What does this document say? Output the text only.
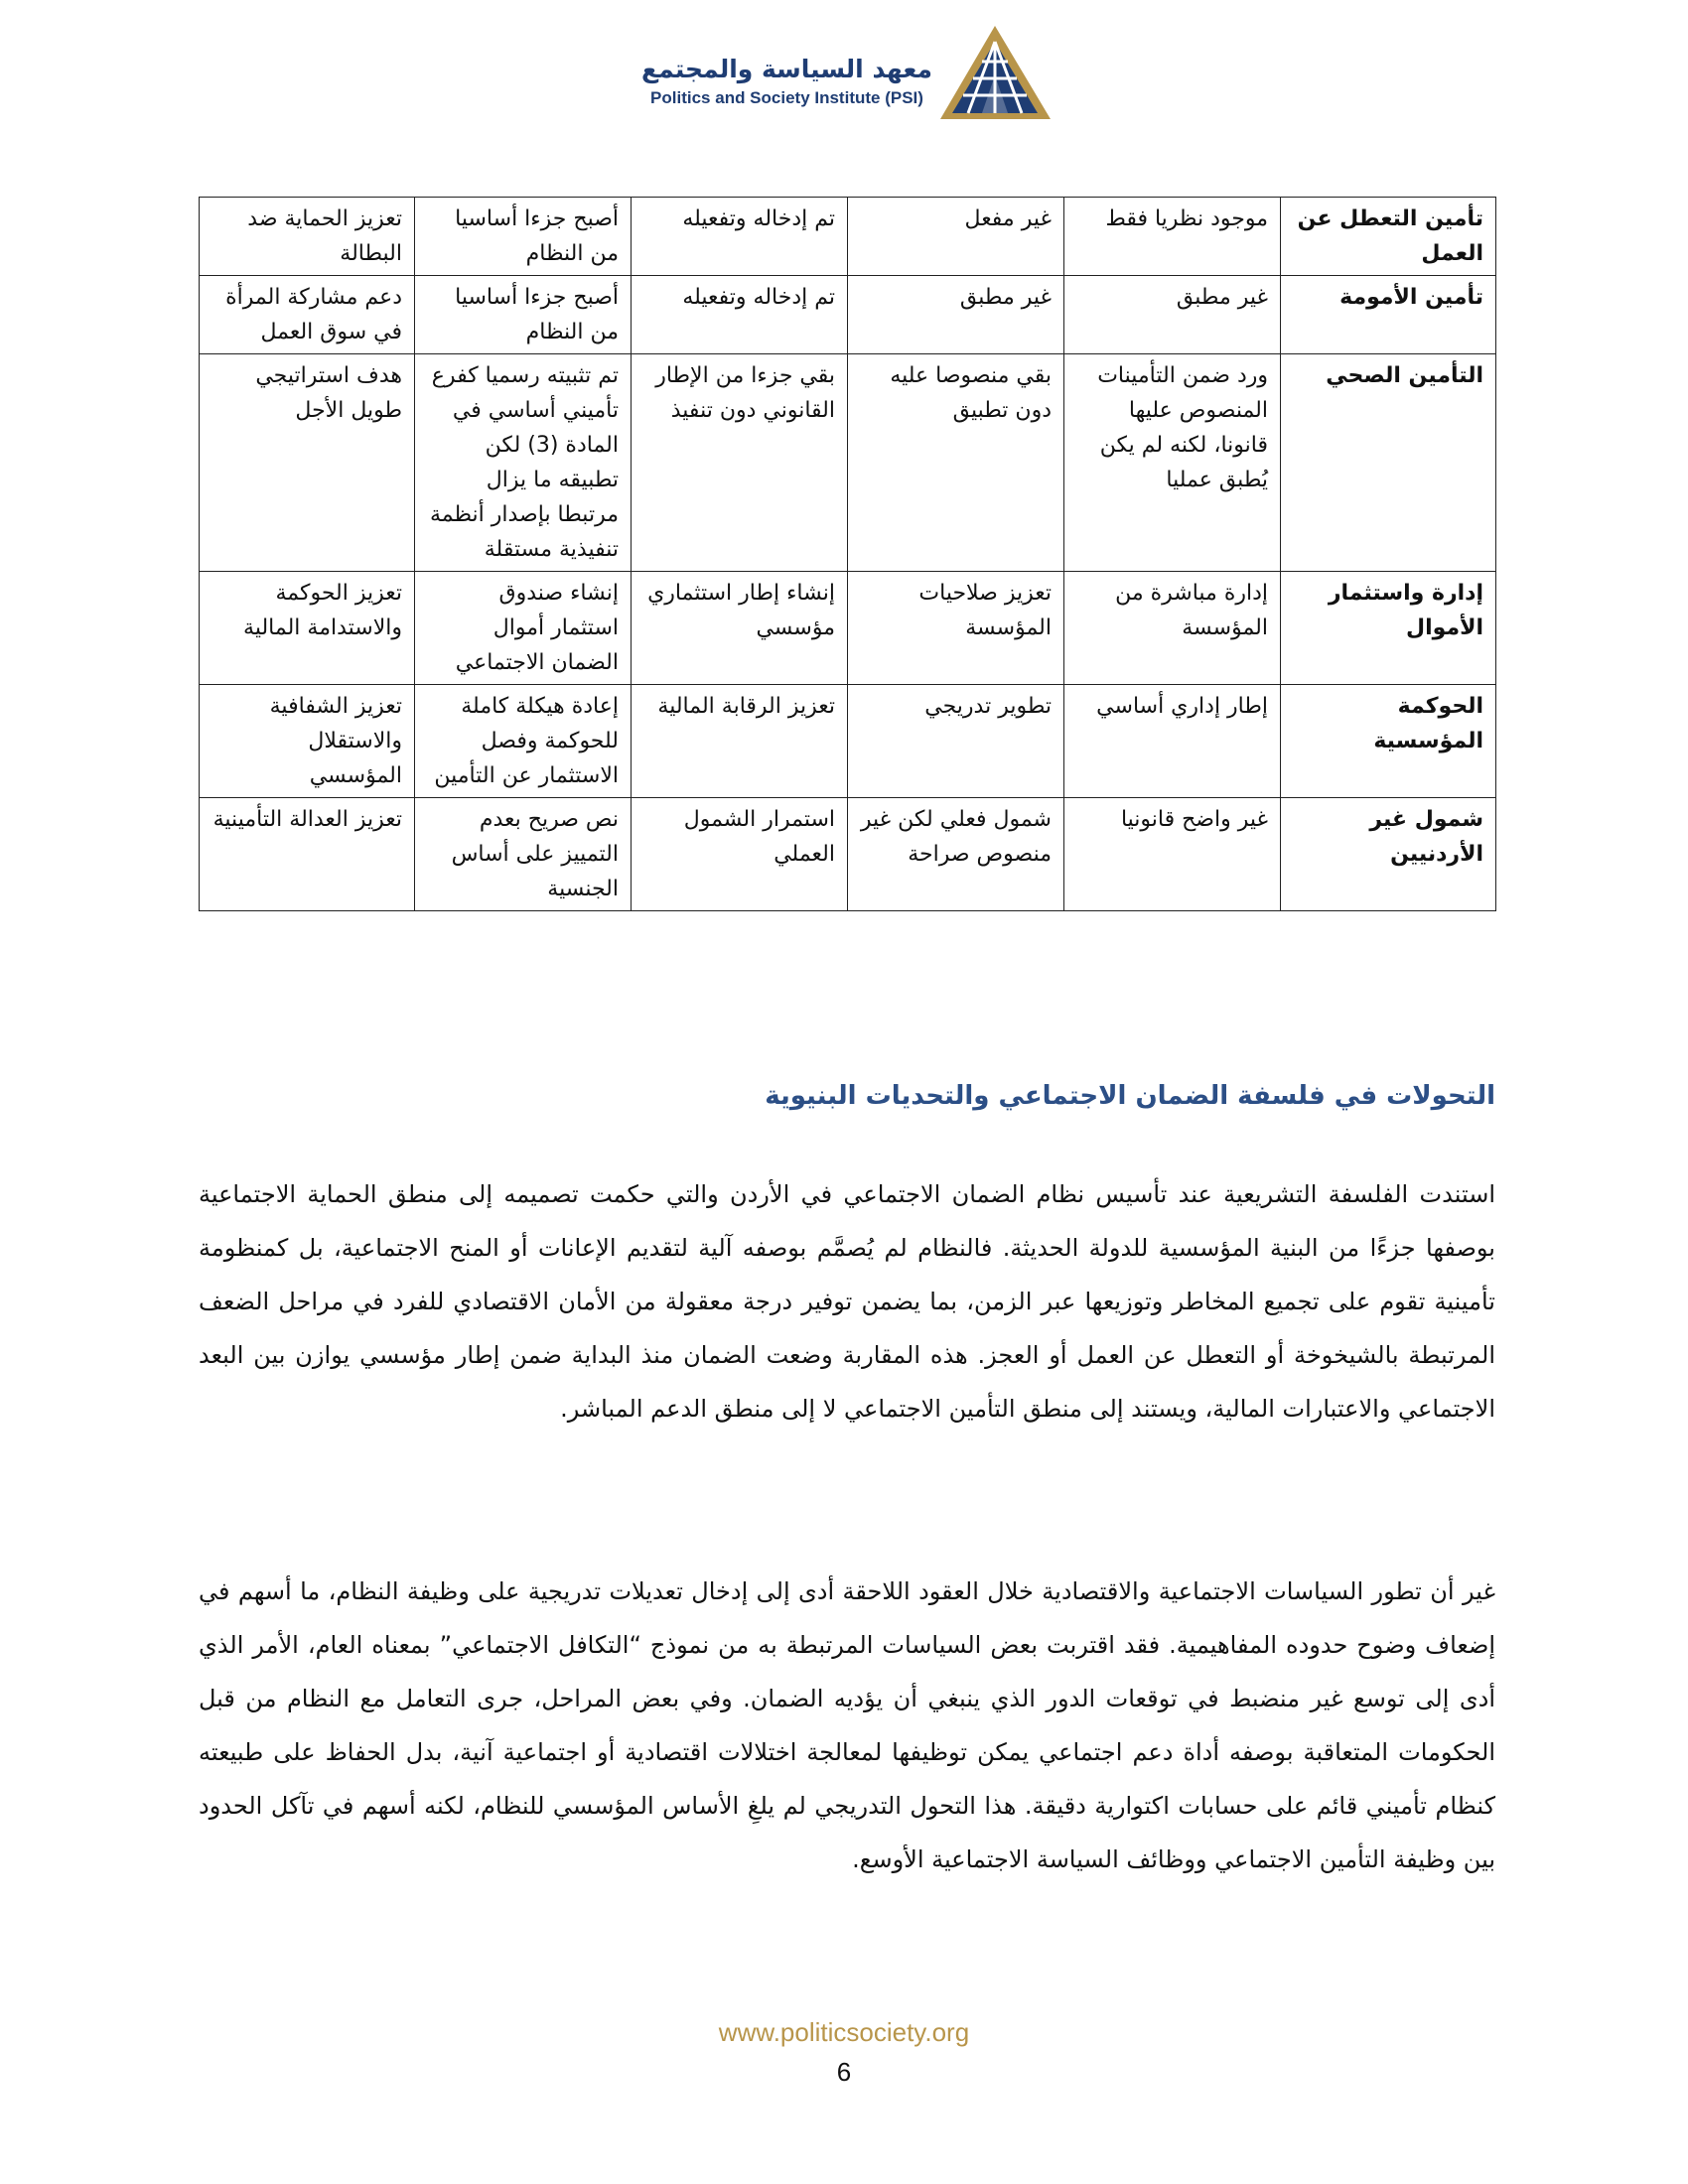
معهد السياسة والمجتمع
Politics and Society Institute (PSI)
تأمين التعطل عن العمل	موجود نظريا فقط	غير مفعل	تم إدخاله وتفعيله	أصبح جزءا أساسيا من النظام	تعزيز الحماية ضد البطالة
تأمين الأمومة	غير مطبق	غير مطبق	تم إدخاله وتفعيله	أصبح جزءا أساسيا من النظام	دعم مشاركة المرأة في سوق العمل
التأمين الصحي	ورد ضمن التأمينات المنصوص عليها قانونا، لكنه لم يكن يُطبق عمليا	بقي منصوصا عليه دون تطبيق	بقي جزءا من الإطار القانوني دون تنفيذ	تم تثبيته رسميا كفرع تأميني أساسي في المادة (3) لكن تطبيقه ما يزال مرتبطا بإصدار أنظمة تنفيذية مستقلة	هدف استراتيجي طويل الأجل
إدارة واستثمار الأموال	إدارة مباشرة من المؤسسة	تعزيز صلاحيات المؤسسة	إنشاء إطار استثماري مؤسسي	إنشاء صندوق استثمار أموال الضمان الاجتماعي	تعزيز الحوكمة والاستدامة المالية
الحوكمة المؤسسية	إطار إداري أساسي	تطوير تدريجي	تعزيز الرقابة المالية	إعادة هيكلة كاملة للحوكمة وفصل الاستثمار عن التأمين	تعزيز الشفافية والاستقلال المؤسسي
شمول غير الأردنيين	غير واضح قانونيا	شمول فعلي لكن غير منصوص صراحة	استمرار الشمول العملي	نص صريح بعدم التمييز على أساس الجنسية	تعزيز العدالة التأمينية
التحولات في فلسفة الضمان الاجتماعي والتحديات البنيوية

استندت الفلسفة التشريعية عند تأسيس نظام الضمان الاجتماعي في الأردن والتي حكمت تصميمه إلى منطق الحماية الاجتماعية بوصفها جزءًا من البنية المؤسسية للدولة الحديثة. فالنظام لم يُصمَّم بوصفه آلية لتقديم الإعانات أو المنح الاجتماعية، بل كمنظومة تأمينية تقوم على تجميع المخاطر وتوزيعها عبر الزمن، بما يضمن توفير درجة معقولة من الأمان الاقتصادي للفرد في مراحل الضعف المرتبطة بالشيخوخة أو التعطل عن العمل أو العجز. هذه المقاربة وضعت الضمان منذ البداية ضمن إطار مؤسسي يوازن بين البعد الاجتماعي والاعتبارات المالية، ويستند إلى منطق التأمين الاجتماعي لا إلى منطق الدعم المباشر.

غير أن تطور السياسات الاجتماعية والاقتصادية خلال العقود اللاحقة أدى إلى إدخال تعديلات تدريجية على وظيفة النظام، ما أسهم في إضعاف وضوح حدوده المفاهيمية. فقد اقتربت بعض السياسات المرتبطة به من نموذج “التكافل الاجتماعي” بمعناه العام، الأمر الذي أدى إلى توسع غير منضبط في توقعات الدور الذي ينبغي أن يؤديه الضمان. وفي بعض المراحل، جرى التعامل مع النظام من قبل الحكومات المتعاقبة بوصفه أداة دعم اجتماعي يمكن توظيفها لمعالجة اختلالات اقتصادية أو اجتماعية آنية، بدل الحفاظ على طبيعته كنظام تأميني قائم على حسابات اكتوارية دقيقة. هذا التحول التدريجي لم يلغِ الأساس المؤسسي للنظام، لكنه أسهم في تآكل الحدود بين وظيفة التأمين الاجتماعي ووظائف السياسة الاجتماعية الأوسع.

www.politicsociety.org
6
